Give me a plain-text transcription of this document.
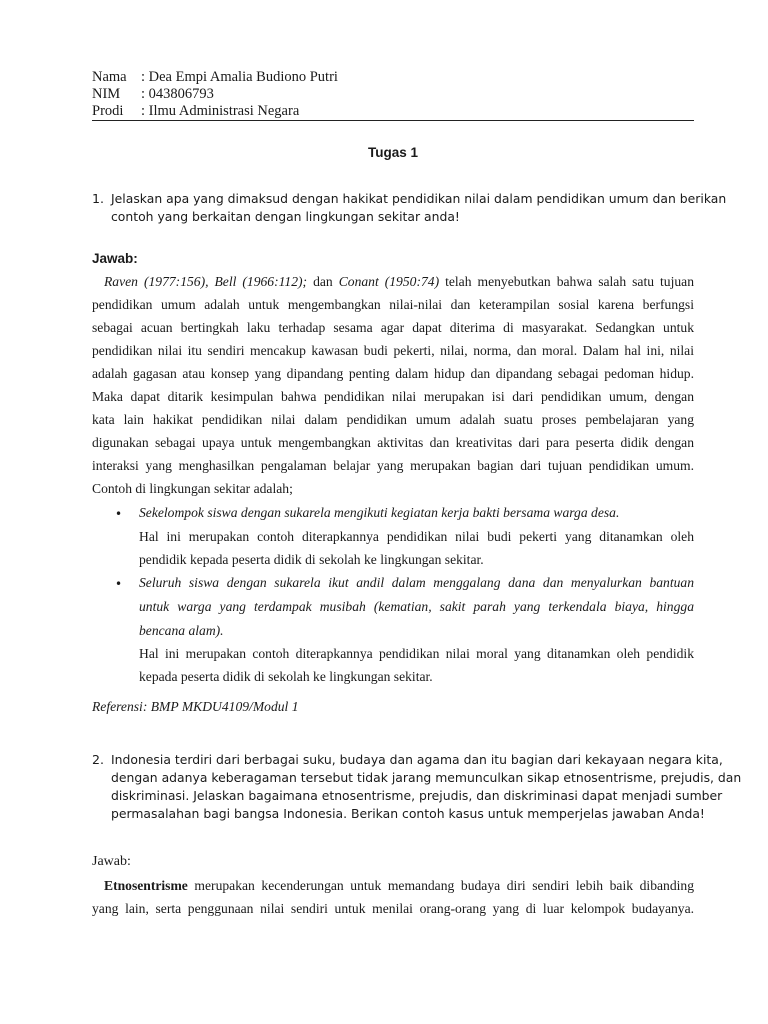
Nama : Dea Empi Amalia Budiono Putri
NIM : 043806793
Prodi : Ilmu Administrasi Negara
Tugas 1
1. Jelaskan apa yang dimaksud dengan hakikat pendidikan nilai dalam pendidikan umum dan berikan
contoh yang berkaitan dengan lingkungan sekitar anda!
Jawab:
Raven (1977:156), Bell (1966:112); dan Conant (1950:74) telah menyebutkan bahwa salah satu tujuan
pendidikan umum adalah untuk mengembangkan nilai-nilai dan keterampilan sosial karena berfungsi
sebagai acuan bertingkah laku terhadap sesama agar dapat diterima di masyarakat. Sedangkan untuk
pendidikan nilai itu sendiri mencakup kawasan budi pekerti, nilai, norma, dan moral. Dalam hal ini, nilai
adalah gagasan atau konsep yang dipandang penting dalam hidup dan dipandang sebagai pedoman hidup.
Maka dapat ditarik kesimpulan bahwa pendidikan nilai merupakan isi dari pendidikan umum, dengan
kata lain hakikat pendidikan nilai dalam pendidikan umum adalah suatu proses pembelajaran yang
digunakan sebagai upaya untuk mengembangkan aktivitas dan kreativitas dari para peserta didik dengan
interaksi yang menghasilkan pengalaman belajar yang merupakan bagian dari tujuan pendidikan umum.
Contoh di lingkungan sekitar adalah;
• Sekelompok siswa dengan sukarela mengikuti kegiatan kerja bakti bersama warga desa.
Hal ini merupakan contoh diterapkannya pendidikan nilai budi pekerti yang ditanamkan oleh
pendidik kepada peserta didik di sekolah ke lingkungan sekitar.
• Seluruh siswa dengan sukarela ikut andil dalam menggalang dana dan menyalurkan bantuan
untuk warga yang terdampak musibah (kematian, sakit parah yang terkendala biaya, hingga
bencana alam).
Hal ini merupakan contoh diterapkannya pendidikan nilai moral yang ditanamkan oleh pendidik
kepada peserta didik di sekolah ke lingkungan sekitar.
Referensi: BMP MKDU4109/Modul 1
2. Indonesia terdiri dari berbagai suku, budaya dan agama dan itu bagian dari kekayaan negara kita,
dengan adanya keberagaman tersebut tidak jarang memunculkan sikap etnosentrisme, prejudis, dan
diskriminasi. Jelaskan bagaimana etnosentrisme, prejudis, dan diskriminasi dapat menjadi sumber
permasalahan bagi bangsa Indonesia. Berikan contoh kasus untuk memperjelas jawaban Anda!
Jawab:
Etnosentrisme merupakan kecenderungan untuk memandang budaya diri sendiri lebih baik dibanding
yang lain, serta penggunaan nilai sendiri untuk menilai orang-orang yang di luar kelompok budayanya.
